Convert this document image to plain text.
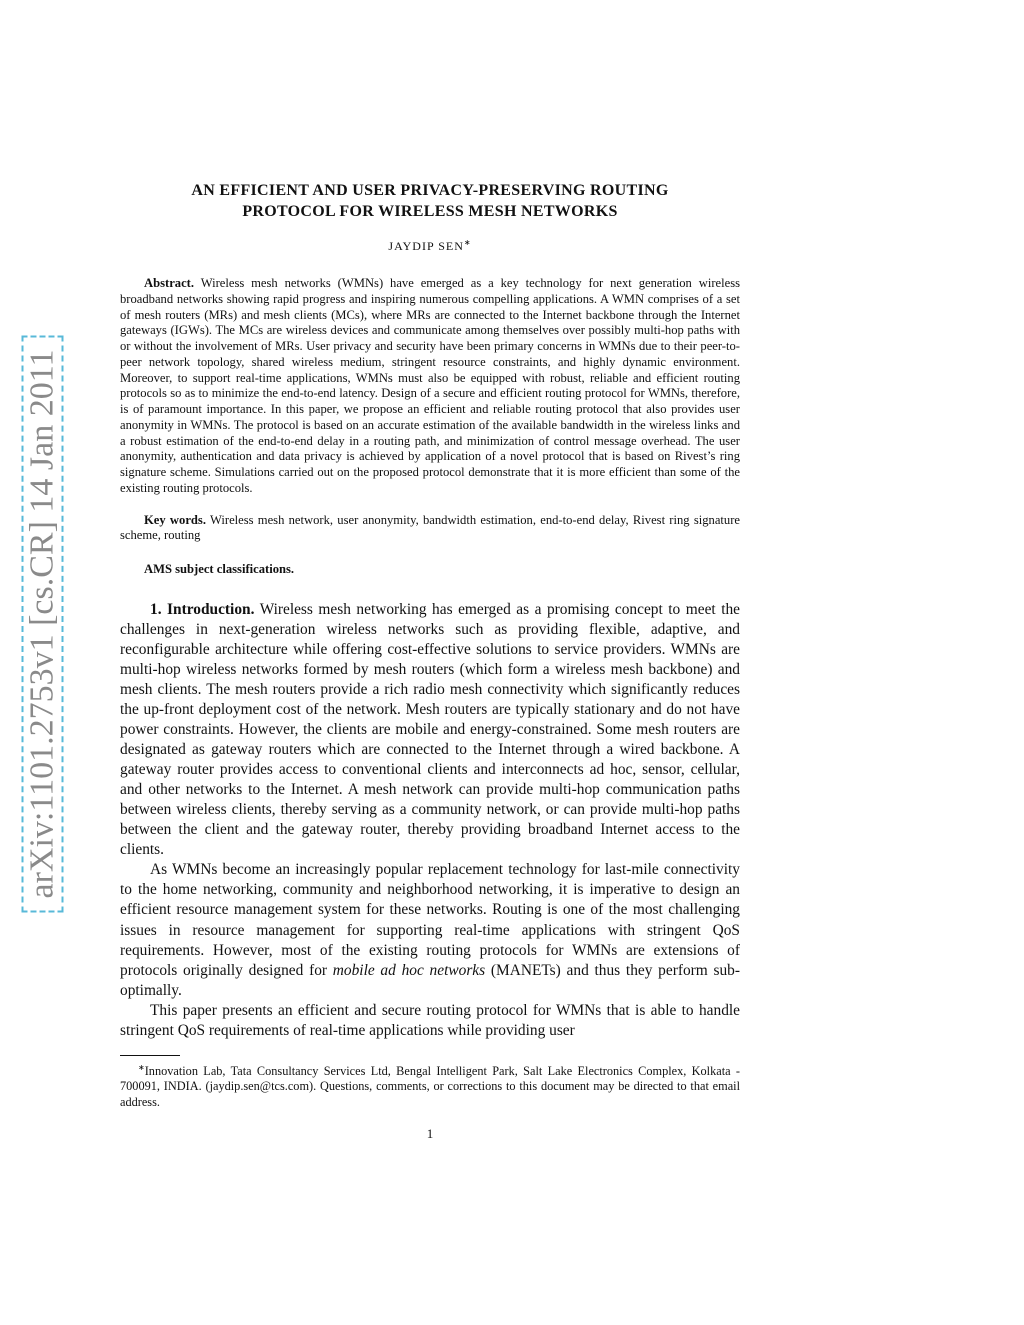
arXiv:1101.2753v1 [cs.CR] 14 Jan 2011
AN EFFICIENT AND USER PRIVACY-PRESERVING ROUTING
PROTOCOL FOR WIRELESS MESH NETWORKS
JAYDIP SEN∗
Abstract. Wireless mesh networks (WMNs) have emerged as a key technology for next generation wireless broadband networks showing rapid progress and inspiring numerous compelling applications. A WMN comprises of a set of mesh routers (MRs) and mesh clients (MCs), where MRs are connected to the Internet backbone through the Internet gateways (IGWs). The MCs are wireless devices and communicate among themselves over possibly multi-hop paths with or without the involvement of MRs. User privacy and security have been primary concerns in WMNs due to their peer-to-peer network topology, shared wireless medium, stringent resource constraints, and highly dynamic environment. Moreover, to support real-time applications, WMNs must also be equipped with robust, reliable and efficient routing protocols so as to minimize the end-to-end latency. Design of a secure and efficient routing protocol for WMNs, therefore, is of paramount importance. In this paper, we propose an efficient and reliable routing protocol that also provides user anonymity in WMNs. The protocol is based on an accurate estimation of the available bandwidth in the wireless links and a robust estimation of the end-to-end delay in a routing path, and minimization of control message overhead. The user anonymity, authentication and data privacy is achieved by application of a novel protocol that is based on Rivest’s ring signature scheme. Simulations carried out on the proposed protocol demonstrate that it is more efficient than some of the existing routing protocols.
Key words. Wireless mesh network, user anonymity, bandwidth estimation, end-to-end delay, Rivest ring signature scheme, routing
AMS subject classifications.

1. Introduction. Wireless mesh networking has emerged as a promising concept to meet the challenges in next-generation wireless networks such as providing flexible, adaptive, and reconfigurable architecture while offering cost-effective solutions to service providers. WMNs are multi-hop wireless networks formed by mesh routers (which form a wireless mesh backbone) and mesh clients. The mesh routers provide a rich radio mesh connectivity which significantly reduces the up-front deployment cost of the network. Mesh routers are typically stationary and do not have power constraints. However, the clients are mobile and energy-constrained. Some mesh routers are designated as gateway routers which are connected to the Internet through a wired backbone. A gateway router provides access to conventional clients and interconnects ad hoc, sensor, cellular, and other networks to the Internet. A mesh network can provide multi-hop communication paths between wireless clients, thereby serving as a community network, or can provide multi-hop paths between the client and the gateway router, thereby providing broadband Internet access to the clients.

As WMNs become an increasingly popular replacement technology for last-mile connectivity to the home networking, community and neighborhood networking, it is imperative to design an efficient resource management system for these networks. Routing is one of the most challenging issues in resource management for supporting real-time applications with stringent QoS requirements. However, most of the existing routing protocols for WMNs are extensions of protocols originally designed for mobile ad hoc networks (MANETs) and thus they perform sub-optimally.

This paper presents an efficient and secure routing protocol for WMNs that is able to handle stringent QoS requirements of real-time applications while providing user

∗Innovation Lab, Tata Consultancy Services Ltd, Bengal Intelligent Park, Salt Lake Electronics Complex, Kolkata - 700091, INDIA. (jaydip.sen@tcs.com). Questions, comments, or corrections to this document may be directed to that email address.
1
